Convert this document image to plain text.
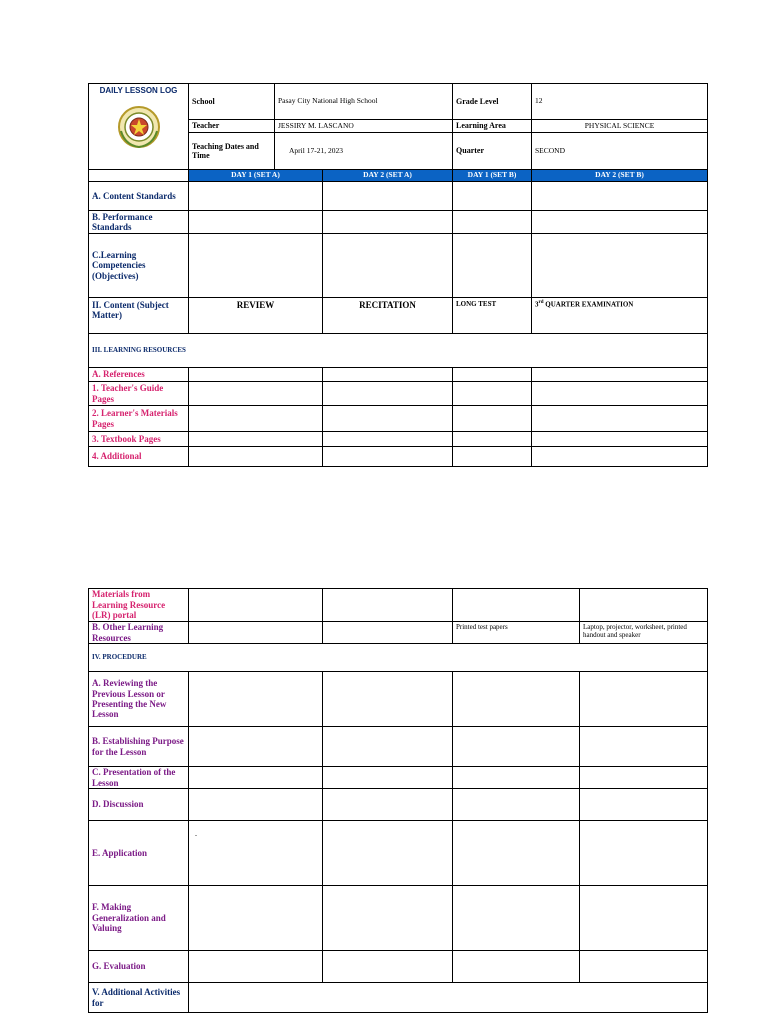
DAILY LESSON LOG	School	Pasay City National High School		Grade Level	12
	Teacher	JESSIRY M. LASCANO		Learning Area	PHYSICAL SCIENCE
	Teaching Dates and Time	April 17-21, 2023		Quarter	SECOND
	DAY 1 (SET A)		DAY 2 (SET A)	DAY 1 (SET B)	DAY 2 (SET B)
A. Content Standards					
B. Performance Standards					
C.Learning Competencies (Objectives)					
II. Content (Subject Matter)	REVIEW		RECITATION	LONG TEST	3rd QUARTER EXAMINATION
III. LEARNING RESOURCES					
A. References					
1. Teacher's Guide Pages					
2. Learner's Materials Pages					
3. Textbook Pages					
4. Additional					
Materials from Learning Resource (LR) portal				
B. Other Learning Resources			Printed test papers	Laptop, projector, worksheet, printed handout and speaker
IV. PROCEDURE				
A. Reviewing the Previous Lesson or Presenting the New Lesson				
B. Establishing Purpose for the Lesson				
C. Presentation of the Lesson				
D. Discussion				
E. Application	.			
F. Making Generalization and Valuing				
G. Evaluation				
V. Additional Activities for				
